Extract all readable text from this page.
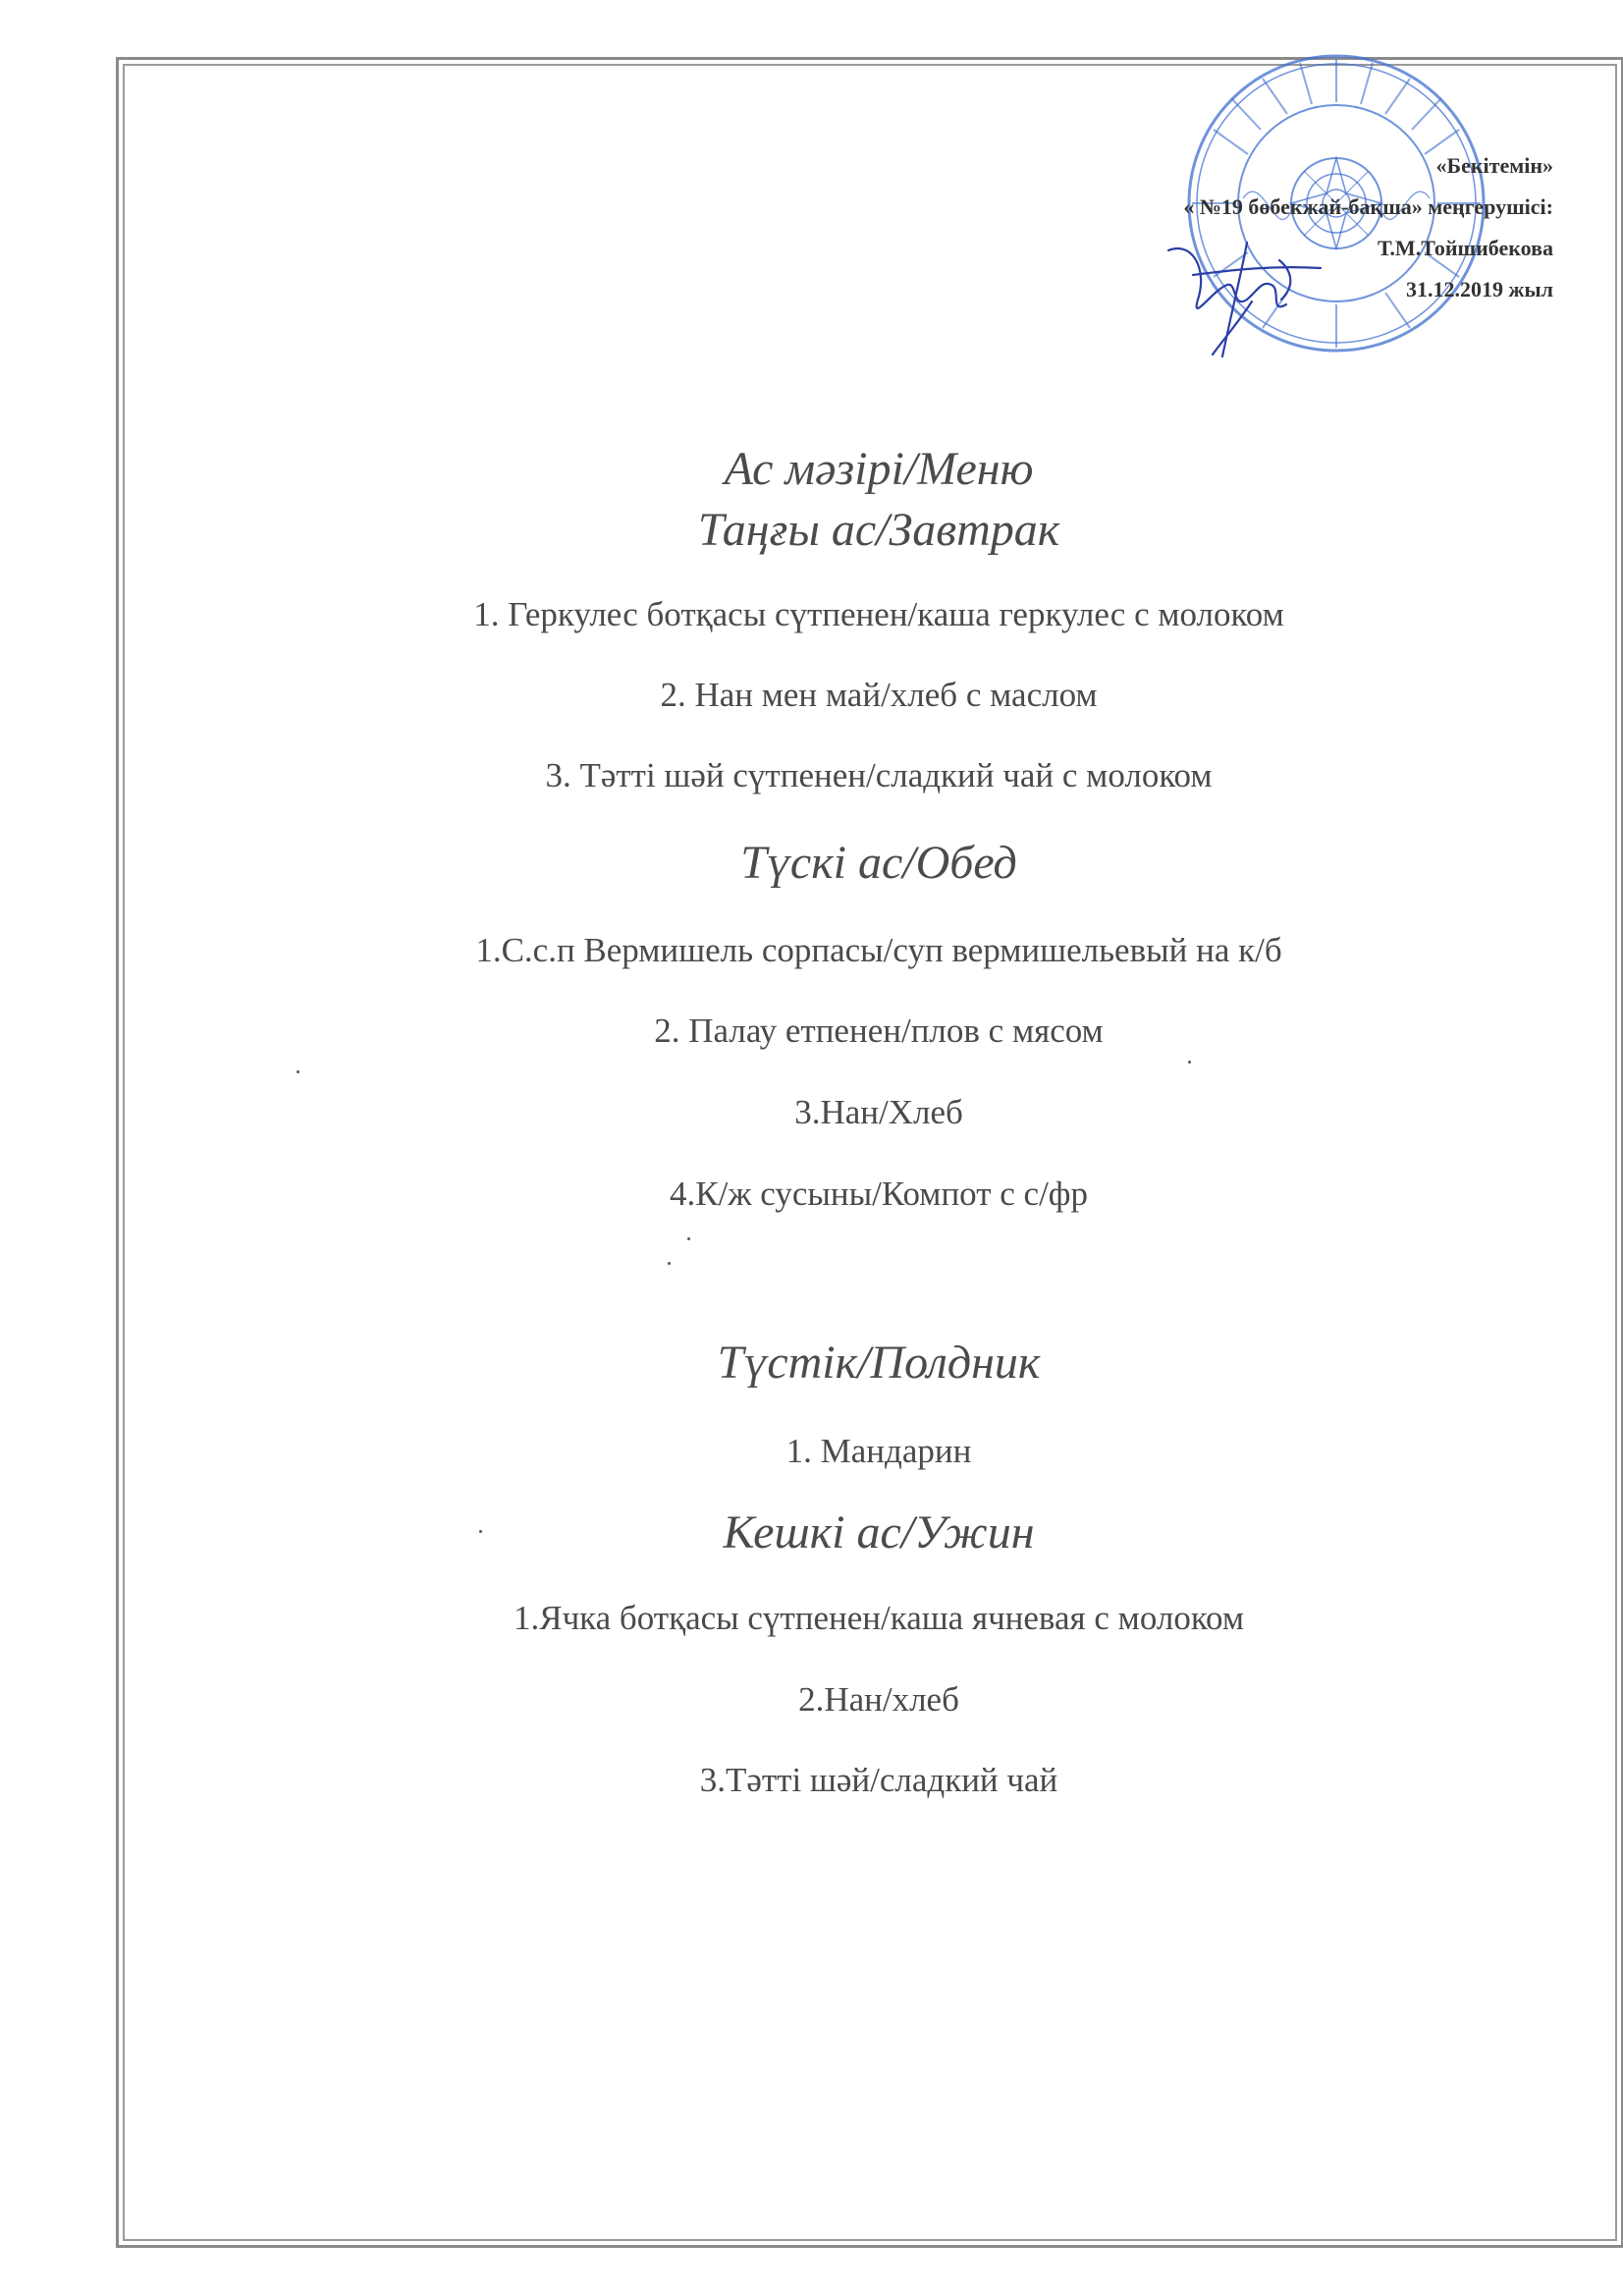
«Бекітемін»
« №19 бөбекжай-бақша» меңгерушісі:
Т.М.Тойшибекова
31.12.2019 жыл
Ас мәзірі/Меню
Таңғы ас/Завтрак
1. Геркулес ботқасы сүтпенен/каша геркулес с молоком
2. Нан мен май/хлеб с маслом
3. Тәтті шәй сүтпенен/сладкий чай с молоком
Түскі ас/Обед
1.С.с.п Вермишель сорпасы/суп вермишельевый на к/б
2. Палау етпенен/плов с мясом
3.Нан/Хлеб
4.К/ж сусыны/Компот с с/фр
Түстік/Полдник
1. Мандарин
Кешкі ас/Ужин
1.Ячка ботқасы сүтпенен/каша ячневая с молоком
2.Нан/хлеб
3.Тәтті шәй/сладкий чай
